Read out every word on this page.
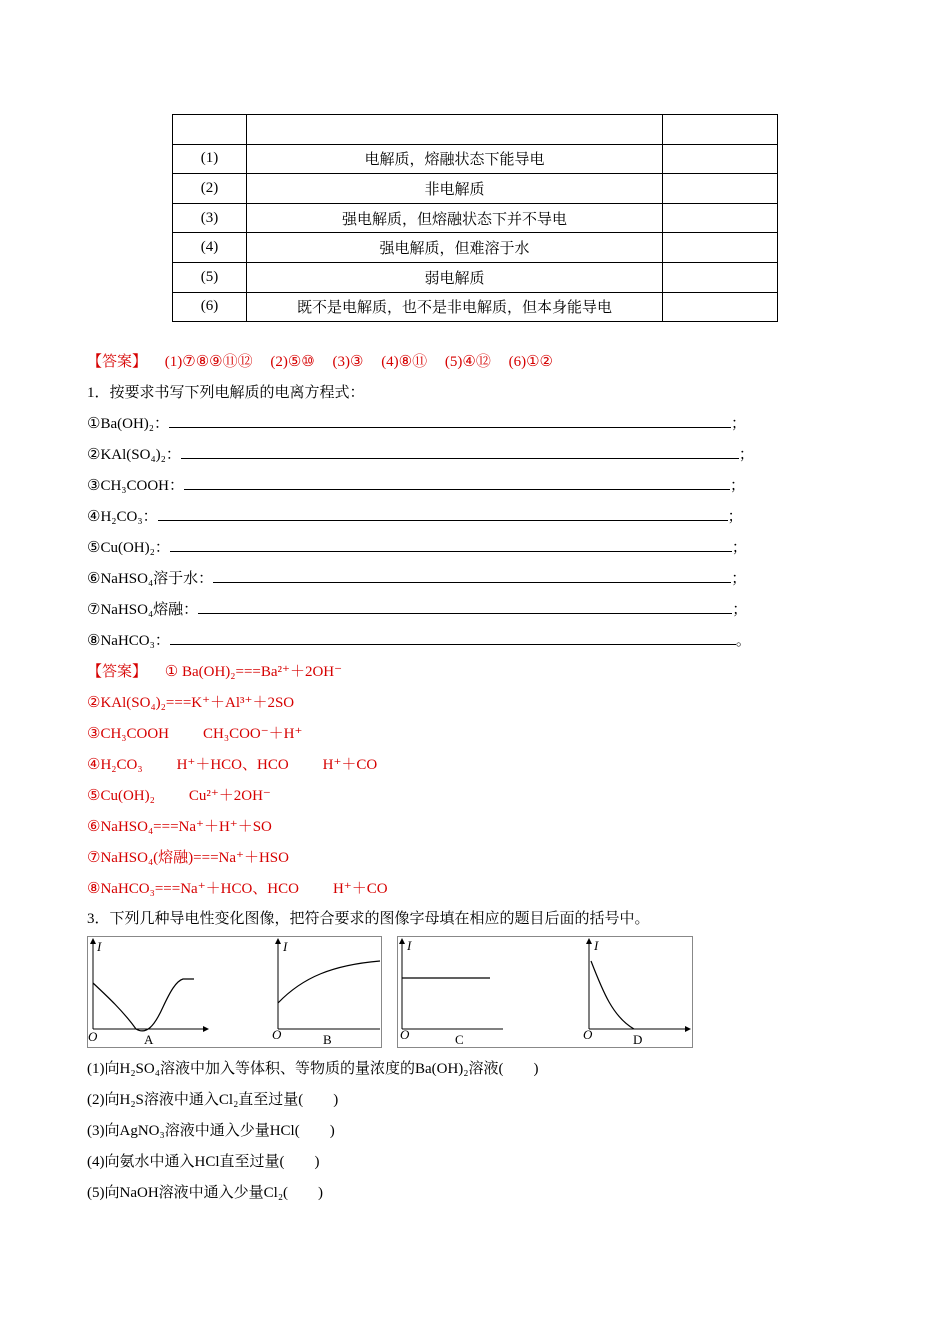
(1)	电解质，熔融状态下能导电	
(2)	非电解质	
(3)	强电解质，但熔融状态下并不导电	
(4)	强电解质，但难溶于水	
(5)	弱电解质	
(6)	既不是电解质，也不是非电解质，但本身能导电	
【答案】 (1)⑦⑧⑨⑪⑫ (2)⑤⑩ (3)③ (4)⑧⑪ (5)④⑫ (6)①②
1．按要求书写下列电解质的电离方程式：
①Ba(OH)₂：	；
②KAl(SO₄)₂：	；
③CH₃COOH：	；
④H₂CO₃：	；
⑤Cu(OH)₂：	；
⑥NaHSO₄溶于水：	；
⑦NaHSO₄熔融：	；
⑧NaHCO₃：	。
【答案】 ① Ba(OH)₂===Ba²⁺＋2OH⁻
②KAl(SO₄)₂===K⁺＋Al³⁺＋2SO
③CH₃COOH CH₃COO⁻＋H⁺
④H₂CO₃ H⁺＋HCO、HCO H⁺＋CO
⑤Cu(OH)₂ Cu²⁺＋2OH⁻
⑥NaHSO₄===Na⁺＋H⁺＋SO
⑦NaHSO₄(熔融)===Na⁺＋HSO
⑧NaHCO₃===Na⁺＋HCO、HCO H⁺＋CO
3．下列几种导电性变化图像，把符合要求的图像字母填在相应的题目后面的括号中。
I
O	A
I
O	B
I
O	C
I
O	D
(1)向H₂SO₄溶液中加入等体积、等物质的量浓度的Ba(OH)₂溶液(　　)
(2)向H₂S溶液中通入Cl₂直至过量(　　)
(3)向AgNO₃溶液中通入少量HCl(　　)
(4)向氨水中通入HCl直至过量(　　)
(5)向NaOH溶液中通入少量Cl₂(　　)
